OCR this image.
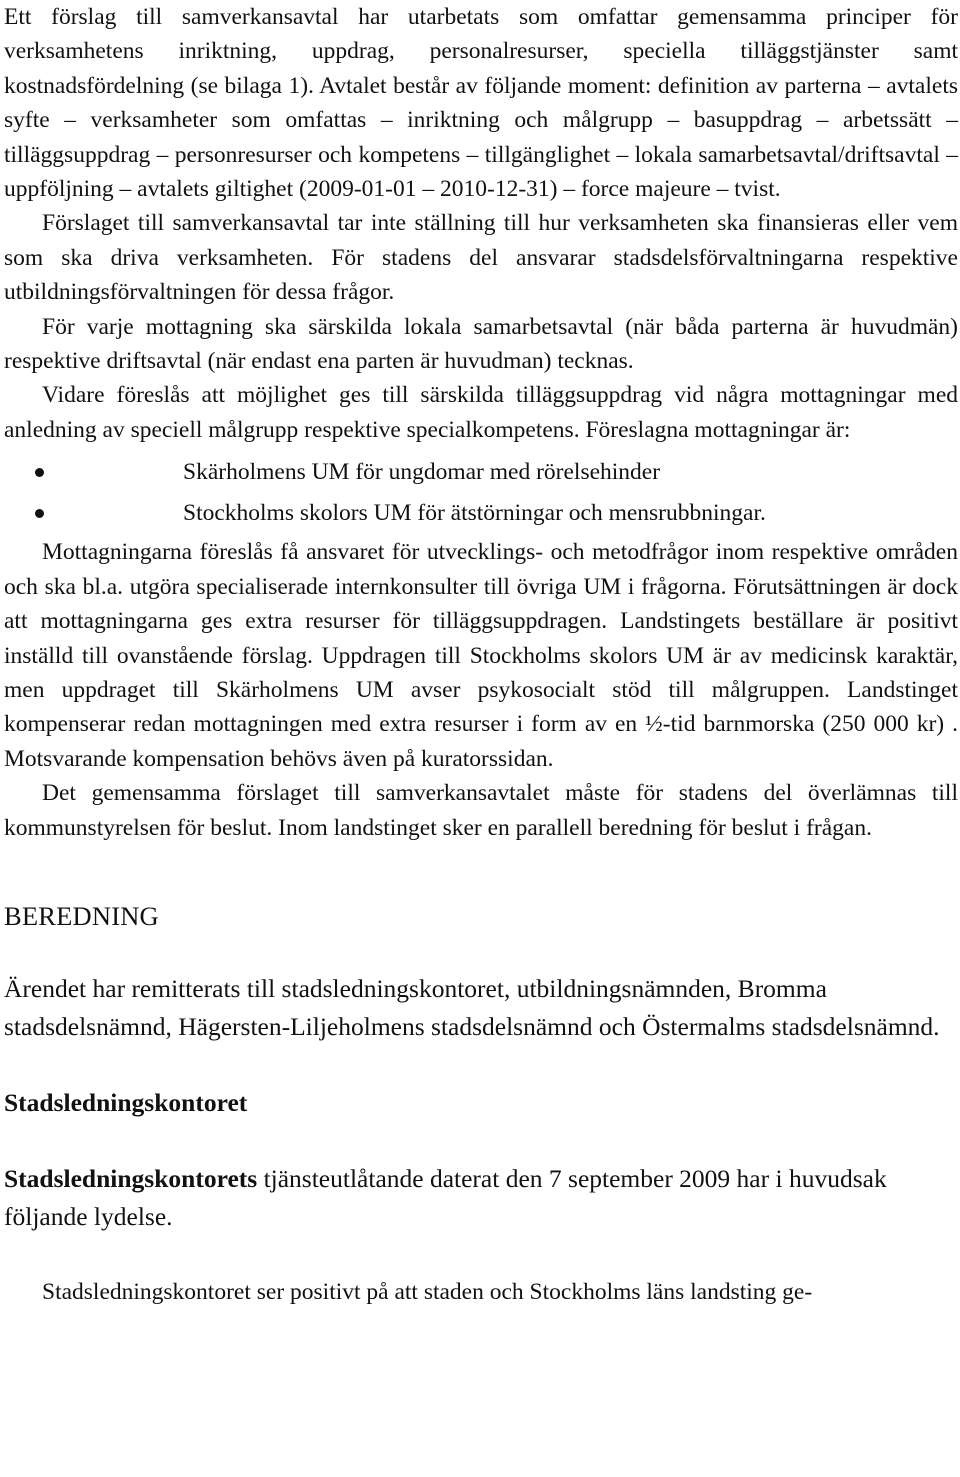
Ett förslag till samverkansavtal har utarbetats som omfattar gemensamma principer för verksamhetens inriktning, uppdrag, personalresurser, speciella tilläggstjänster samt kostnadsfördelning (se bilaga 1). Avtalet består av följande moment: definition av parterna – avtalets syfte – verksamheter som omfattas – inriktning och målgrupp – basuppdrag – arbetssätt – tilläggsuppdrag – personresurser och kompetens – tillgänglighet – lokala samarbetsavtal/driftsavtal – uppföljning – avtalets giltighet (2009-01-01 – 2010-12-31) – force majeure – tvist.

Förslaget till samverkansavtal tar inte ställning till hur verksamheten ska finansieras eller vem som ska driva verksamheten. För stadens del ansvarar stadsdelsförvaltningarna respektive utbildningsförvaltningen för dessa frågor.

För varje mottagning ska särskilda lokala samarbetsavtal (när båda parterna är huvudmän) respektive driftsavtal (när endast ena parten är huvudman) tecknas.

Vidare föreslås att möjlighet ges till särskilda tilläggsuppdrag vid några mottagningar med anledning av speciell målgrupp respektive specialkompetens. Föreslagna mottagningar är:

Skärholmens UM för ungdomar med rörelsehinder
Stockholms skolors UM för ätstörningar och mensrubbningar.

Mottagningarna föreslås få ansvaret för utvecklings- och metodfrågor inom respektive områden och ska bl.a. utgöra specialiserade internkonsulter till övriga UM i frågorna. Förutsättningen är dock att mottagningarna ges extra resurser för tilläggsuppdragen. Landstingets beställare är positivt inställd till ovanstående förslag. Uppdragen till Stockholms skolors UM är av medicinsk karaktär, men uppdraget till Skärholmens UM avser psykosocialt stöd till målgruppen. Landstinget kompenserar redan mottagningen med extra resurser i form av en ½-tid barnmorska (250 000 kr) . Motsvarande kompensation behövs även på kuratorssidan.

Det gemensamma förslaget till samverkansavtalet måste för stadens del överlämnas till kommunstyrelsen för beslut. Inom landstinget sker en parallell beredning för beslut i frågan.

BEREDNING

Ärendet har remitterats till stadsledningskontoret, utbildningsnämnden, Bromma stadsdelsnämnd, Hägersten-Liljeholmens stadsdelsnämnd och Östermalms stadsdelsnämnd.

Stadsledningskontoret

Stadsledningskontorets tjänsteutlåtande daterat den 7 september 2009 har i huvudsak följande lydelse.

Stadsledningskontoret ser positivt på att staden och Stockholms läns landsting ge-
